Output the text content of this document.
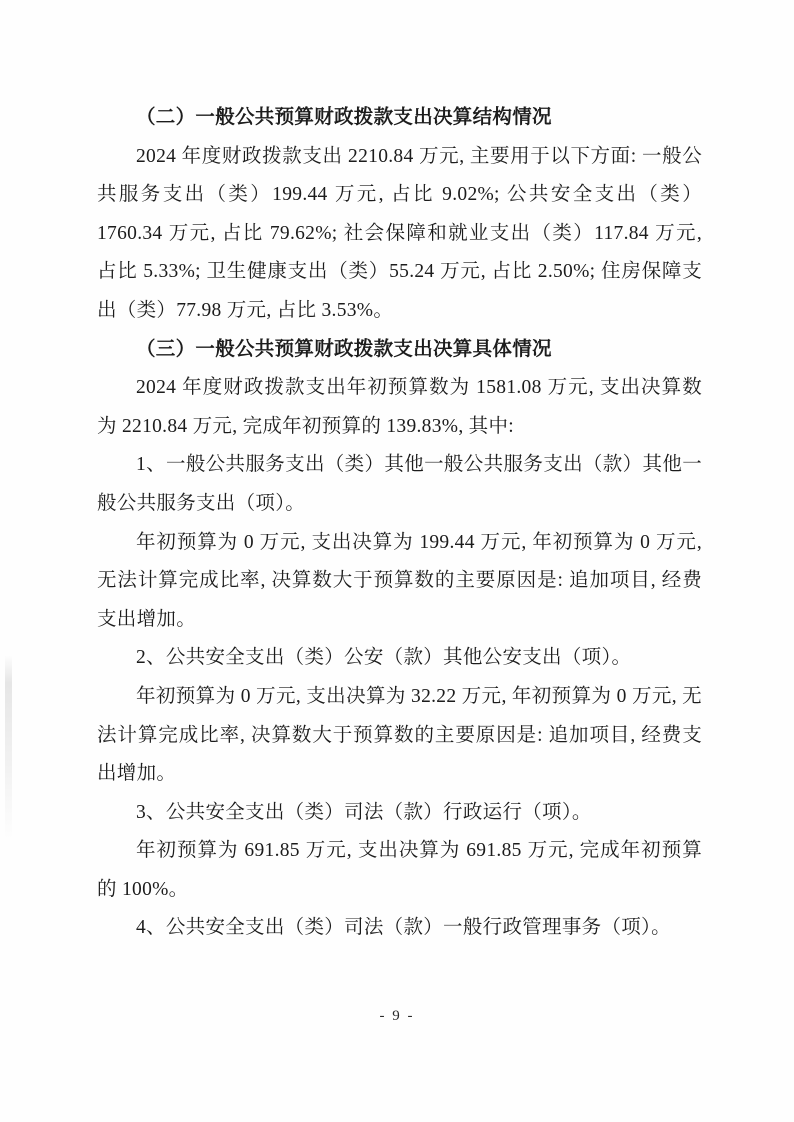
（二）一般公共预算财政拨款支出决算结构情况

2024 年度财政拨款支出 2210.84 万元, 主要用于以下方面: 一般公共服务支出（类）199.44 万元, 占比 9.02%; 公共安全支出（类）1760.34 万元, 占比 79.62%; 社会保障和就业支出（类）117.84 万元, 占比 5.33%; 卫生健康支出（类）55.24 万元, 占比 2.50%; 住房保障支出（类）77.98 万元, 占比 3.53%。

（三）一般公共预算财政拨款支出决算具体情况

2024 年度财政拨款支出年初预算数为 1581.08 万元, 支出决算数为 2210.84 万元, 完成年初预算的 139.83%, 其中:

1、一般公共服务支出（类）其他一般公共服务支出（款）其他一般公共服务支出（项）。

年初预算为 0 万元, 支出决算为 199.44 万元, 年初预算为 0 万元, 无法计算完成比率, 决算数大于预算数的主要原因是: 追加项目, 经费支出增加。

2、公共安全支出（类）公安（款）其他公安支出（项）。

年初预算为 0 万元, 支出决算为 32.22 万元, 年初预算为 0 万元, 无法计算完成比率, 决算数大于预算数的主要原因是: 追加项目, 经费支出增加。

3、公共安全支出（类）司法（款）行政运行（项）。

年初预算为 691.85 万元, 支出决算为 691.85 万元, 完成年初预算的 100%。

4、公共安全支出（类）司法（款）一般行政管理事务（项）。

- 9 -
